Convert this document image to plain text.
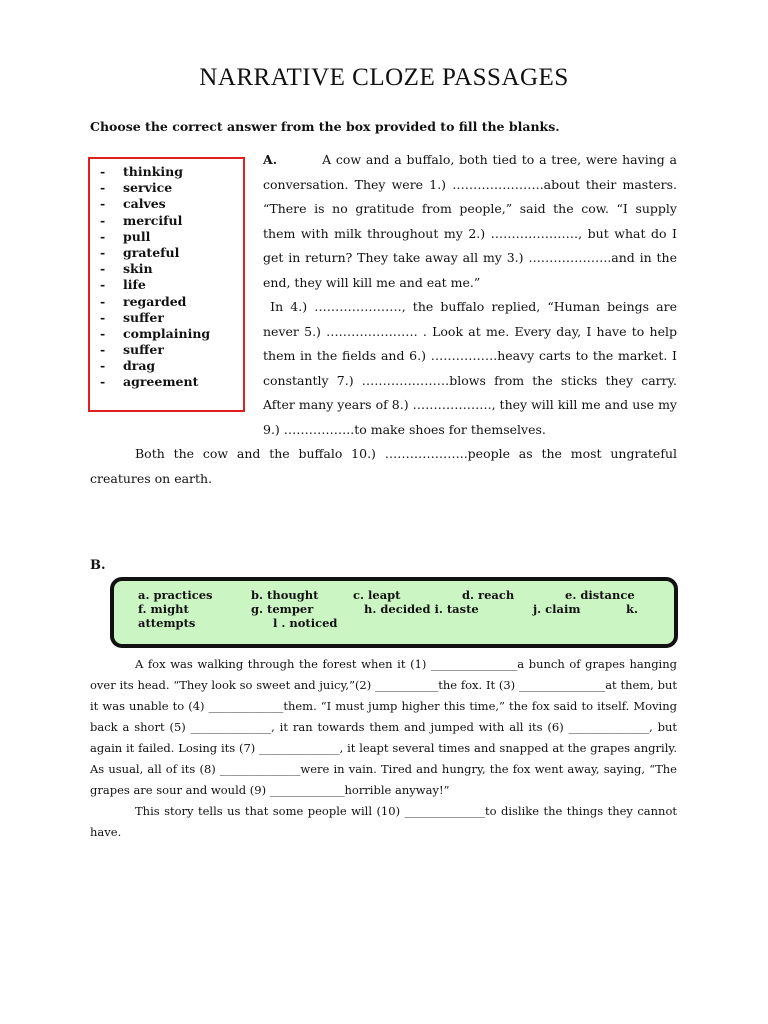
NARRATIVE CLOZE PASSAGES
Choose the correct answer from the box provided to fill the blanks.
- thinking
- service
- calves
- merciful
- pull
- grateful
- skin
- life
- regarded
- suffer
- complaining
- suffer
- drag
- agreement

A.	A cow and a buffalo, both tied to a tree, were having a conversation. They were 1.) ………………….about their masters. “There is no gratitude from people,” said the cow. “I supply them with milk throughout my 2.) …………………, but what do I get in return? They take away all my 3.) ………………..and in the end, they will kill me and eat me.”

In 4.) …………………, the buffalo replied, “Human beings are never 5.) …………………. . Look at me. Every day, I have to help them in the fields and 6.) …………….heavy carts to the market. I constantly 7.) …………………blows from the sticks they carry. After many years of 8.) ………………., they will kill me and use my 9.) ……………..to make shoes for themselves.

Both the cow and the buffalo 10.) ………………..people as the most ungrateful creatures on earth.

B.
a. practices	b. thought	c. leapt	d. reach	e. distance
f. might	g. temper	h. decided i. taste	j. claim	k.
attempts	l . noticed

A fox was walking through the forest when it (1) _______________a bunch of grapes hanging over its head. “They look so sweet and juicy,”(2) ___________the fox. It (3) _______________at them, but it was unable to (4) _____________them. “I must jump higher this time,” the fox said to itself. Moving back a short (5) ______________, it ran towards them and jumped with all its (6) ______________, but again it failed. Losing its (7) ______________, it leapt several times and snapped at the grapes angrily. As usual, all of its (8) ______________were in vain. Tired and hungry, the fox went away, saying, “The grapes are sour and would (9) _____________horrible anyway!”

This story tells us that some people will (10) ______________to dislike the things they cannot have.
